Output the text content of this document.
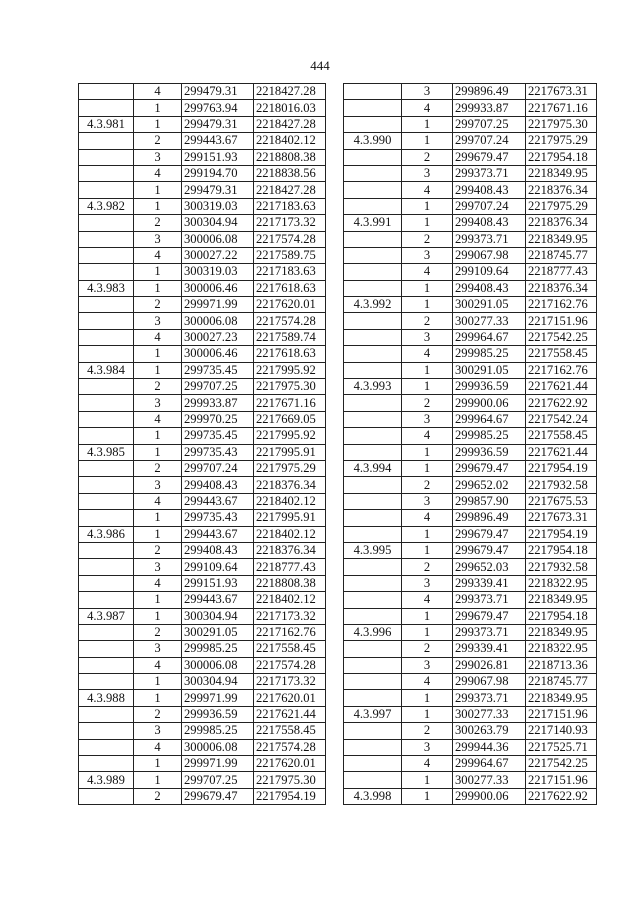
444
	4	299479.31	2218427.28
	1	299763.94	2218016.03
4.3.981	1	299479.31	2218427.28
	2	299443.67	2218402.12
	3	299151.93	2218808.38
	4	299194.70	2218838.56
	1	299479.31	2218427.28
4.3.982	1	300319.03	2217183.63
	2	300304.94	2217173.32
	3	300006.08	2217574.28
	4	300027.22	2217589.75
	1	300319.03	2217183.63
4.3.983	1	300006.46	2217618.63
	2	299971.99	2217620.01
	3	300006.08	2217574.28
	4	300027.23	2217589.74
	1	300006.46	2217618.63
4.3.984	1	299735.45	2217995.92
	2	299707.25	2217975.30
	3	299933.87	2217671.16
	4	299970.25	2217669.05
	1	299735.45	2217995.92
4.3.985	1	299735.43	2217995.91
	2	299707.24	2217975.29
	3	299408.43	2218376.34
	4	299443.67	2218402.12
	1	299735.43	2217995.91
4.3.986	1	299443.67	2218402.12
	2	299408.43	2218376.34
	3	299109.64	2218777.43
	4	299151.93	2218808.38
	1	299443.67	2218402.12
4.3.987	1	300304.94	2217173.32
	2	300291.05	2217162.76
	3	299985.25	2217558.45
	4	300006.08	2217574.28
	1	300304.94	2217173.32
4.3.988	1	299971.99	2217620.01
	2	299936.59	2217621.44
	3	299985.25	2217558.45
	4	300006.08	2217574.28
	1	299971.99	2217620.01
4.3.989	1	299707.25	2217975.30
	2	299679.47	2217954.19
	3	299896.49	2217673.31
	4	299933.87	2217671.16
	1	299707.25	2217975.30
4.3.990	1	299707.24	2217975.29
	2	299679.47	2217954.18
	3	299373.71	2218349.95
	4	299408.43	2218376.34
	1	299707.24	2217975.29
4.3.991	1	299408.43	2218376.34
	2	299373.71	2218349.95
	3	299067.98	2218745.77
	4	299109.64	2218777.43
	1	299408.43	2218376.34
4.3.992	1	300291.05	2217162.76
	2	300277.33	2217151.96
	3	299964.67	2217542.25
	4	299985.25	2217558.45
	1	300291.05	2217162.76
4.3.993	1	299936.59	2217621.44
	2	299900.06	2217622.92
	3	299964.67	2217542.24
	4	299985.25	2217558.45
	1	299936.59	2217621.44
4.3.994	1	299679.47	2217954.19
	2	299652.02	2217932.58
	3	299857.90	2217675.53
	4	299896.49	2217673.31
	1	299679.47	2217954.19
4.3.995	1	299679.47	2217954.18
	2	299652.03	2217932.58
	3	299339.41	2218322.95
	4	299373.71	2218349.95
	1	299679.47	2217954.18
4.3.996	1	299373.71	2218349.95
	2	299339.41	2218322.95
	3	299026.81	2218713.36
	4	299067.98	2218745.77
	1	299373.71	2218349.95
4.3.997	1	300277.33	2217151.96
	2	300263.79	2217140.93
	3	299944.36	2217525.71
	4	299964.67	2217542.25
	1	300277.33	2217151.96
4.3.998	1	299900.06	2217622.92
